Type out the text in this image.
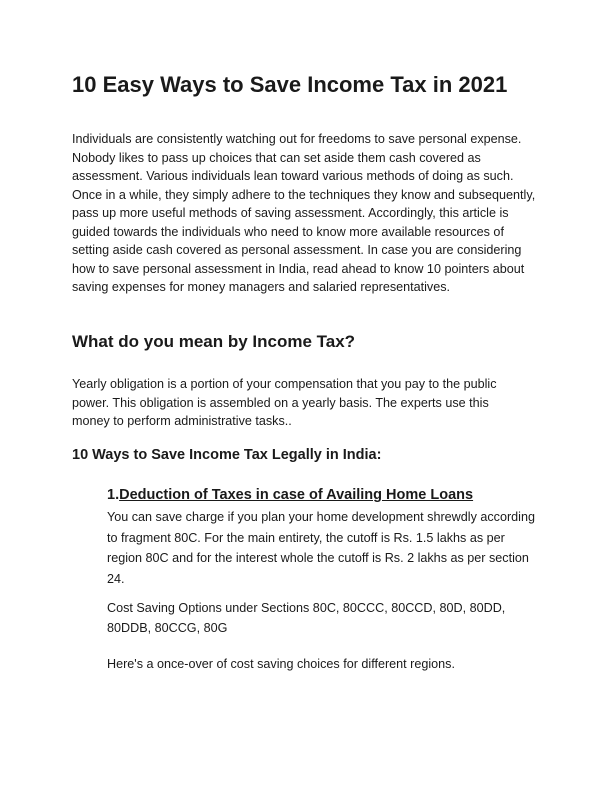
10 Easy Ways to Save Income Tax in 2021

Individuals are consistently watching out for freedoms to save personal expense. Nobody likes to pass up choices that can set aside them cash covered as assessment. Various individuals lean toward various methods of doing as such. Once in a while, they simply adhere to the techniques they know and subsequently, pass up more useful methods of saving assessment. Accordingly, this article is guided towards the individuals who need to know more available resources of setting aside cash covered as personal assessment. In case you are considering how to save personal assessment in India, read ahead to know 10 pointers about saving expenses for money managers and salaried representatives.

What do you mean by Income Tax?

Yearly obligation is a portion of your compensation that you pay to the public power. This obligation is assembled on a yearly basis. The experts use this money to perform administrative tasks..

10 Ways to Save Income Tax Legally in India:
1.Deduction of Taxes in case of Availing Home Loans

You can save charge if you plan your home development shrewdly according to fragment 80C. For the main entirety, the cutoff is Rs. 1.5 lakhs as per region 80C and for the interest whole the cutoff is Rs. 2 lakhs as per section 24.

Cost Saving Options under Sections 80C, 80CCC, 80CCD, 80D, 80DD, 80DDB, 80CCG, 80G

Here's a once-over of cost saving choices for different regions.
